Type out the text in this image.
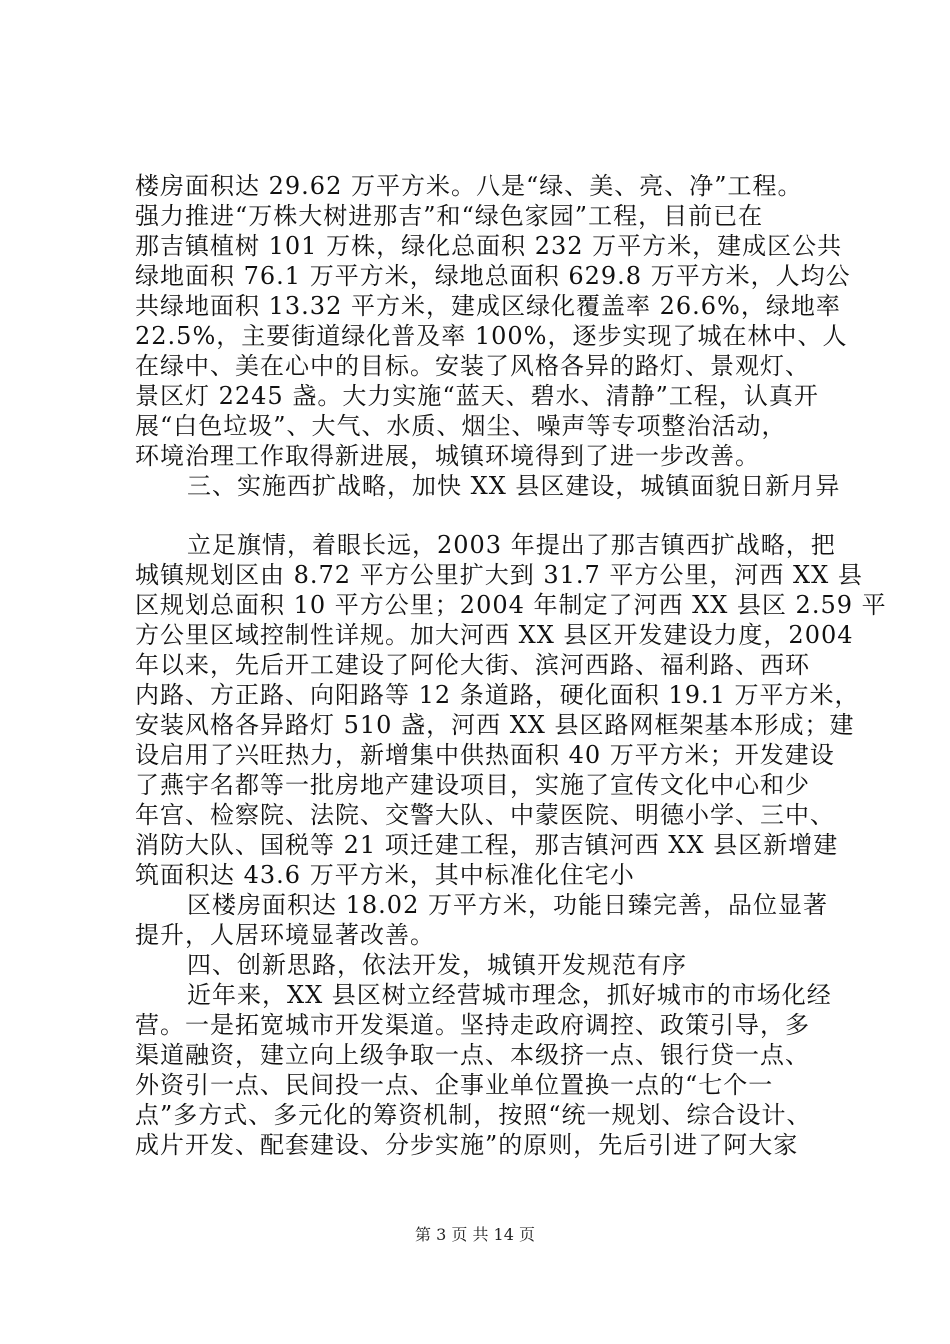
楼房面积达 29.62 万平方米。八是“绿、美、亮、净”工程。
强力推进“万株大树进那吉”和“绿色家园”工程，目前已在
那吉镇植树 101 万株，绿化总面积 232 万平方米，建成区公共
绿地面积 76.1 万平方米，绿地总面积 629.8 万平方米，人均公
共绿地面积 13.32 平方米，建成区绿化覆盖率 26.6%，绿地率
22.5%，主要街道绿化普及率 100%，逐步实现了城在林中、人
在绿中、美在心中的目标。安装了风格各异的路灯、景观灯、
景区灯 2245 盏。大力实施“蓝天、碧水、清静”工程，认真开
展“白色垃圾”、大气、水质、烟尘、噪声等专项整治活动，
环境治理工作取得新进展，城镇环境得到了进一步改善。
三、实施西扩战略，加快 XX 县区建设，城镇面貌日新月异
立足旗情，着眼长远，2003 年提出了那吉镇西扩战略，把
城镇规划区由 8.72 平方公里扩大到 31.7 平方公里，河西 XX 县
区规划总面积 10 平方公里；2004 年制定了河西 XX 县区 2.59 平
方公里区域控制性详规。加大河西 XX 县区开发建设力度，2004
年以来，先后开工建设了阿伦大街、滨河西路、福利路、西环
内路、方正路、向阳路等 12 条道路，硬化面积 19.1 万平方米，
安装风格各异路灯 510 盏，河西 XX 县区路网框架基本形成；建
设启用了兴旺热力，新增集中供热面积 40 万平方米；开发建设
了燕宇名都等一批房地产建设项目，实施了宣传文化中心和少
年宫、检察院、法院、交警大队、中蒙医院、明德小学、三中、
消防大队、国税等 21 项迁建工程，那吉镇河西 XX 县区新增建
筑面积达 43.6 万平方米，其中标准化住宅小
区楼房面积达 18.02 万平方米，功能日臻完善，品位显著
提升，人居环境显著改善。
四、创新思路，依法开发，城镇开发规范有序
近年来，XX 县区树立经营城市理念，抓好城市的市场化经
营。一是拓宽城市开发渠道。坚持走政府调控、政策引导，多
渠道融资，建立向上级争取一点、本级挤一点、银行贷一点、
外资引一点、民间投一点、企事业单位置换一点的“七个一
点”多方式、多元化的筹资机制，按照“统一规划、综合设计、
成片开发、配套建设、分步实施”的原则，先后引进了阿大家
第 3 页 共 14 页
